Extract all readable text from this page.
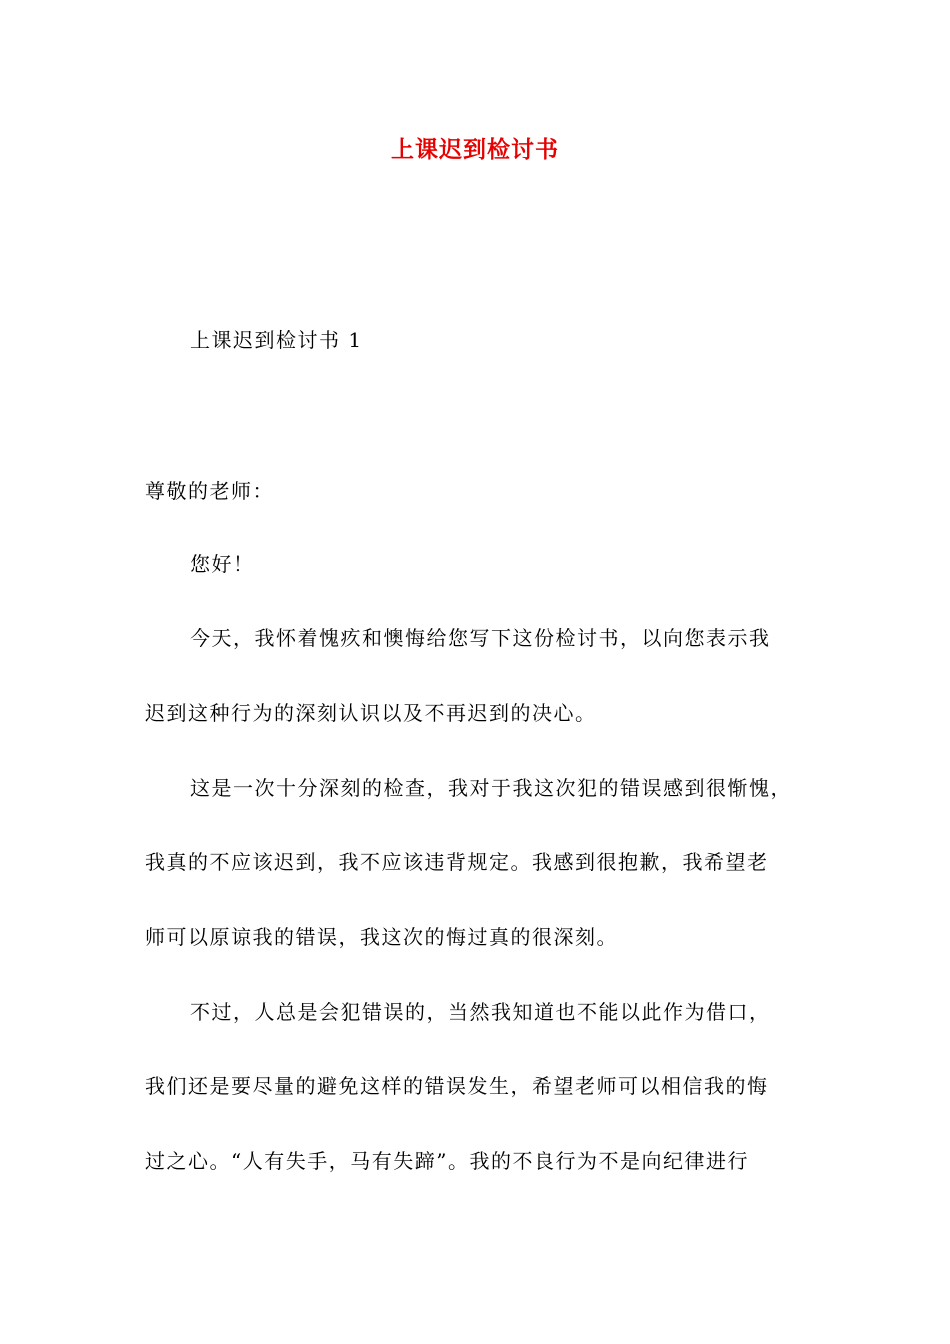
上课迟到检讨书
上课迟到检讨书 1
尊敬的老师：
您好！
今天，我怀着愧疚和懊悔给您写下这份检讨书，以向您表示我
迟到这种行为的深刻认识以及不再迟到的决心。
这是一次十分深刻的检查，我对于我这次犯的错误感到很惭愧，
我真的不应该迟到，我不应该违背规定。我感到很抱歉，我希望老
师可以原谅我的错误，我这次的悔过真的很深刻。
不过，人总是会犯错误的，当然我知道也不能以此作为借口，
我们还是要尽量的避免这样的错误发生，希望老师可以相信我的悔
过之心。“人有失手，马有失蹄”。我的不良行为不是向纪律进行
